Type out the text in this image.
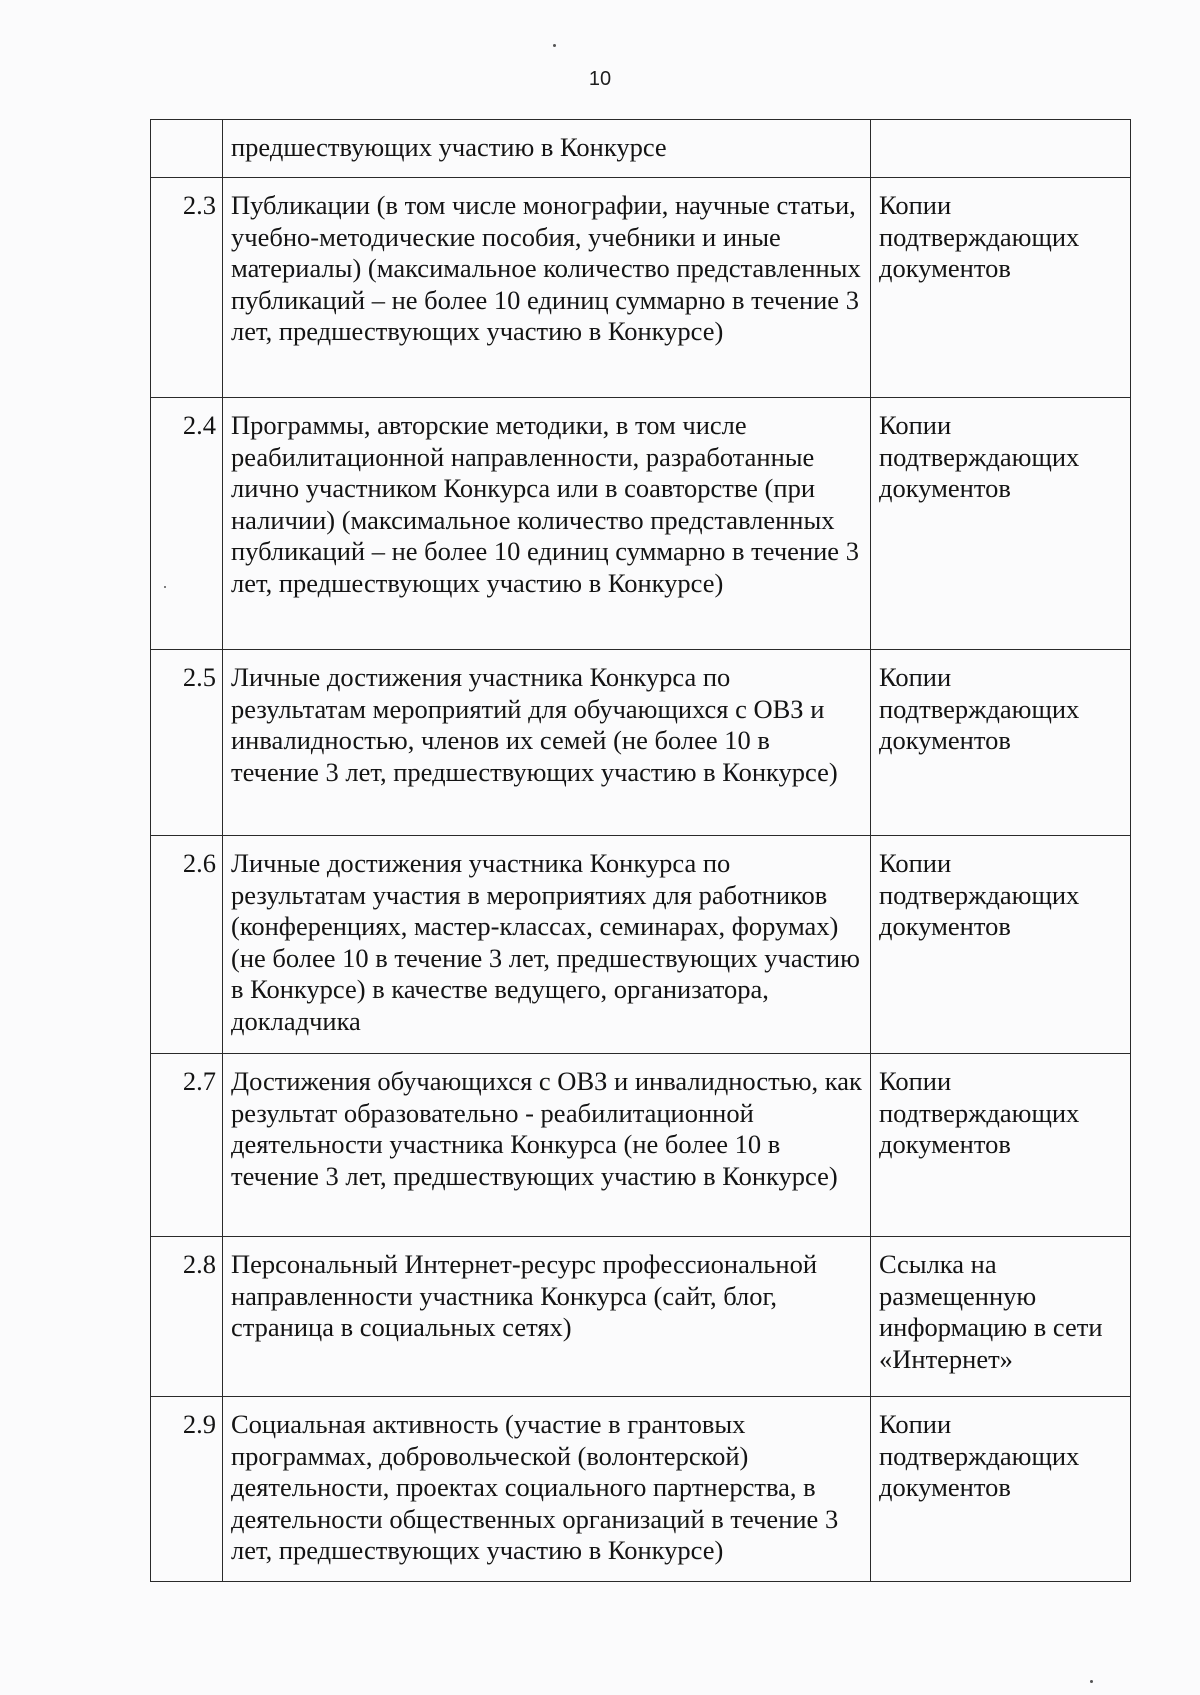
10
	предшествующих участию в Конкурсе	
2.3	Публикации (в том числе монографии, научные статьи, учебно-методические пособия, учебники и иные материалы) (максимальное количество представленных публикаций – не более 10 единиц суммарно в течение 3 лет, предшествующих участию в Конкурсе)	Копии подтверждающих документов
2.4	Программы, авторские методики, в том числе реабилитационной направленности, разработанные лично участником Конкурса или в соавторстве (при наличии) (максимальное количество представленных публикаций – не более 10 единиц суммарно в течение 3 лет, предшествующих участию в Конкурсе)	Копии подтверждающих документов
2.5	Личные достижения участника Конкурса по результатам мероприятий для обучающихся с ОВЗ и инвалидностью, членов их семей (не более 10 в течение 3 лет, предшествующих участию в Конкурсе)	Копии подтверждающих документов
2.6	Личные достижения участника Конкурса по результатам участия в мероприятиях для работников (конференциях, мастер-классах, семинарах, форумах) (не более 10 в течение 3 лет, предшествующих участию в Конкурсе) в качестве ведущего, организатора, докладчика	Копии подтверждающих документов
2.7	Достижения обучающихся с ОВЗ и инвалидностью, как результат образовательно - реабилитационной деятельности участника Конкурса (не более 10 в течение 3 лет, предшествующих участию в Конкурсе)	Копии подтверждающих документов
2.8	Персональный Интернет-ресурс профессиональной направленности участника Конкурса (сайт, блог, страница в социальных сетях)	Ссылка на размещенную информацию в сети «Интернет»
2.9	Социальная активность (участие в грантовых программах, добровольческой (волонтерской) деятельности, проектах социального партнерства, в деятельности общественных организаций в течение 3 лет, предшествующих участию в Конкурсе)	Копии подтверждающих документов
